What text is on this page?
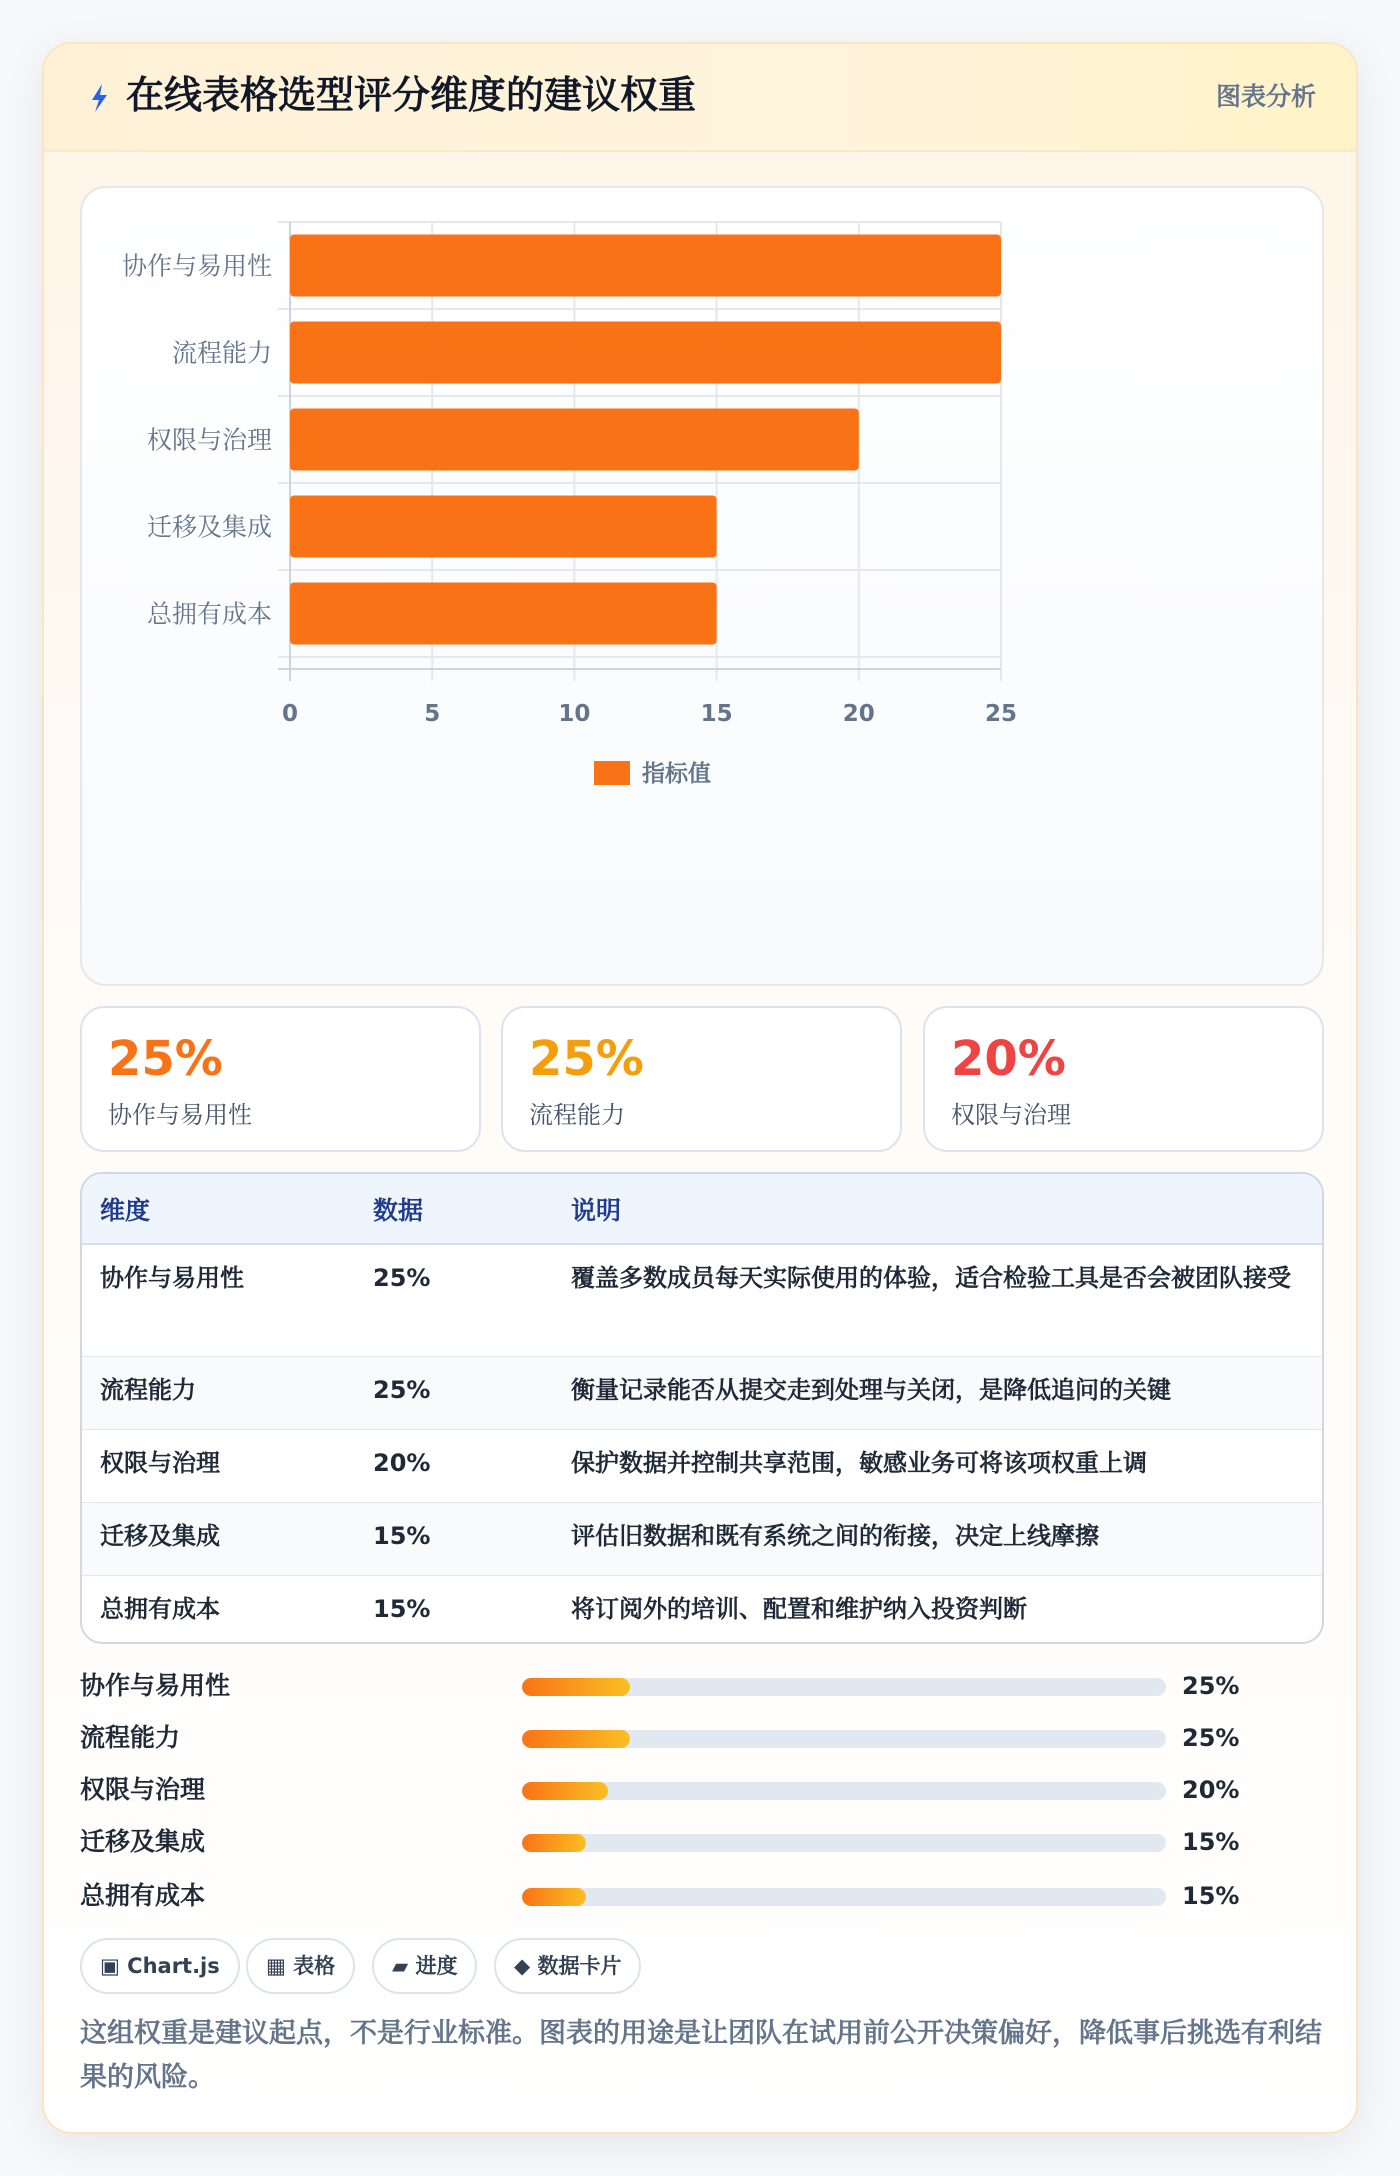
在线表格选型评分维度的建议权重	图表分析
协作与易用性
流程能力
权限与治理
迁移及集成
总拥有成本
0	5	10	15	20	25
指标值
25%
协作与易用性
25%
流程能力
20%
权限与治理
维度	数据	说明
协作与易用性	25%	覆盖多数成员每天实际使用的体验，适合检验工具是否会被团队接受
流程能力	25%	衡量记录能否从提交走到处理与关闭，是降低追问的关键
权限与治理	20%	保护数据并控制共享范围，敏感业务可将该项权重上调
迁移及集成	15%	评估旧数据和既有系统之间的衔接，决定上线摩擦
总拥有成本	15%	将订阅外的培训、配置和维护纳入投资判断
协作与易用性	25%
流程能力	25%
权限与治理	20%
迁移及集成	15%
总拥有成本	15%
▣ Chart.js	▦ 表格	▰ 进度	◆ 数据卡片
这组权重是建议起点，不是行业标准。图表的用途是让团队在试用前公开决策偏好，降低事后挑选有利结果的风险。
